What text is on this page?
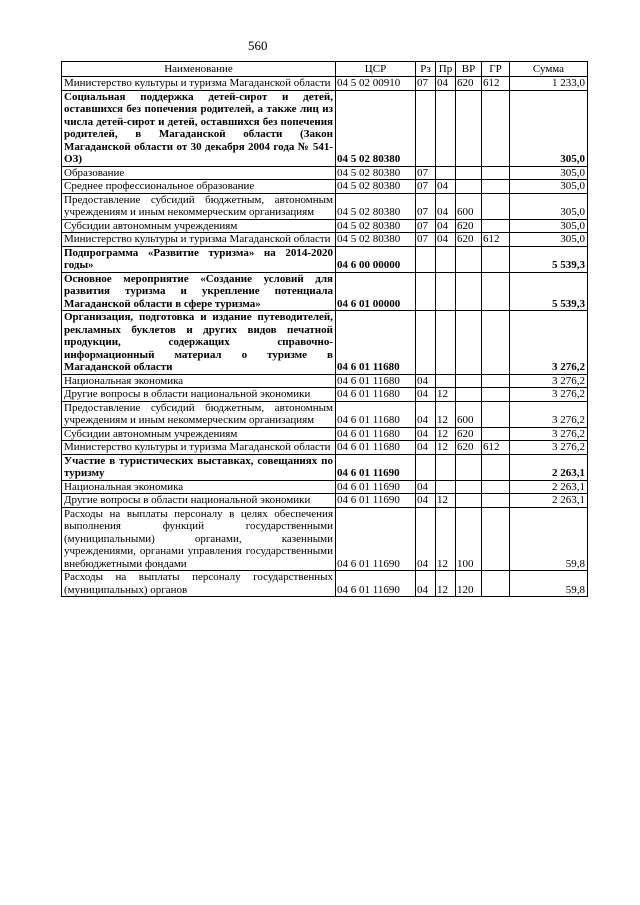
560
Наименование	ЦСР	Рз	Пр	ВР	ГР	Сумма
Министерство культуры и туризма Магаданской области	04 5 02 00910	07	04	620	612	1 233,0
Социальная поддержка детей-сирот и детей, оставшихся без попечения родителей, а также лиц из числа детей-сирот и детей, оставшихся без попечения родителей, в Магаданской области (Закон Магаданской области от 30 декабря 2004 года № 541-ОЗ)	04 5 02 80380					305,0
Образование	04 5 02 80380	07				305,0
Среднее профессиональное образование	04 5 02 80380	07	04			305,0
Предоставление субсидий бюджетным, автономным учреждениям и иным некоммерческим организациям	04 5 02 80380	07	04	600		305,0
Субсидии автономным учреждениям	04 5 02 80380	07	04	620		305,0
Министерство культуры и туризма Магаданской области	04 5 02 80380	07	04	620	612	305,0
Подпрограмма «Развитие туризма» на 2014-2020 годы»	04 6 00 00000					5 539,3
Основное мероприятие «Создание условий для развития туризма и укрепление потенциала Магаданской области в сфере туризма»	04 6 01 00000					5 539,3
Организация, подготовка и издание путеводителей, рекламных буклетов и других видов печатной продукции, содержащих справочно-информационный материал о туризме в Магаданской области	04 6 01 11680					3 276,2
Национальная экономика	04 6 01 11680	04				3 276,2
Другие вопросы в области национальной экономики	04 6 01 11680	04	12			3 276,2
Предоставление субсидий бюджетным, автономным учреждениям и иным некоммерческим организациям	04 6 01 11680	04	12	600		3 276,2
Субсидии автономным учреждениям	04 6 01 11680	04	12	620		3 276,2
Министерство культуры и туризма Магаданской области	04 6 01 11680	04	12	620	612	3 276,2
Участие в туристических выставках, совещаниях по туризму	04 6 01 11690					2 263,1
Национальная экономика	04 6 01 11690	04				2 263,1
Другие вопросы в области национальной экономики	04 6 01 11690	04	12			2 263,1
Расходы на выплаты персоналу в целях обеспечения выполнения функций государственными (муниципальными) органами, казенными учреждениями, органами управления государственными внебюджетными фондами	04 6 01 11690	04	12	100		59,8
Расходы на выплаты персоналу государственных (муниципальных) органов	04 6 01 11690	04	12	120		59,8
